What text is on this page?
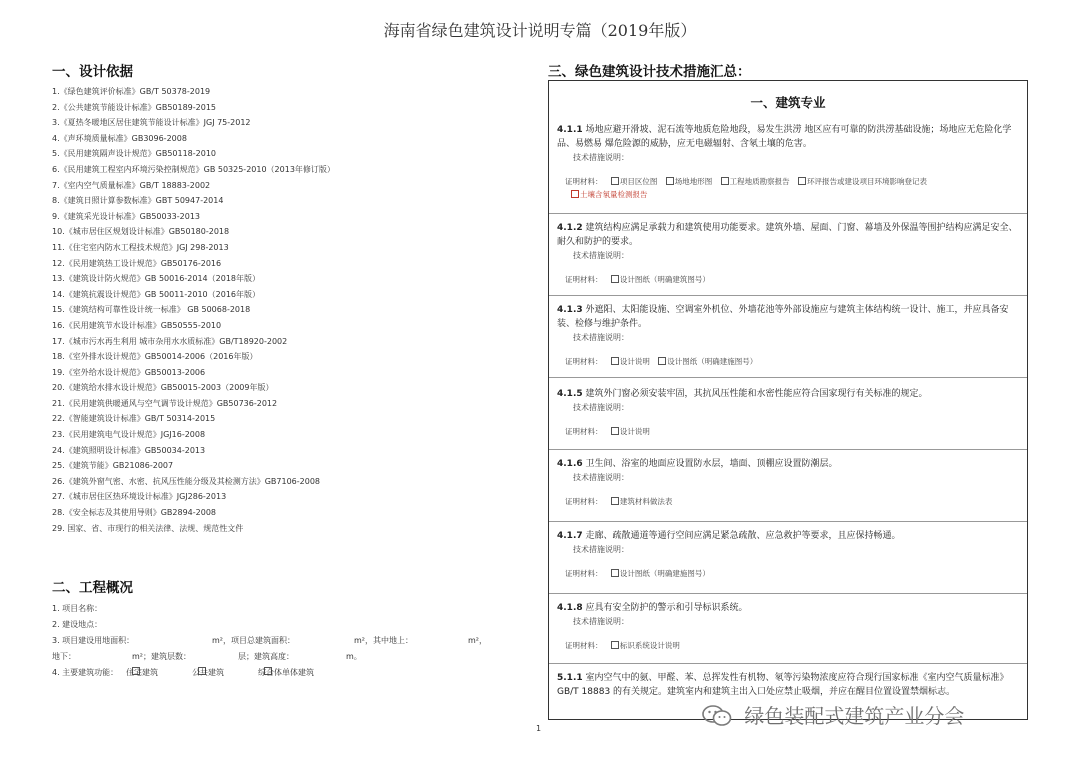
海南省绿色建筑设计说明专篇（2019年版）
一、设计依据
1.《绿色建筑评价标准》GB/T 50378-2019
2.《公共建筑节能设计标准》GB50189-2015
3.《夏热冬暖地区居住建筑节能设计标准》JGJ 75-2012
4.《声环境质量标准》GB3096-2008
5.《民用建筑隔声设计规范》GB50118-2010
6.《民用建筑工程室内环境污染控制规范》GB 50325-2010（2013年修订版）
7.《室内空气质量标准》GB/T 18883-2002
8.《建筑日照计算参数标准》GBT 50947-2014
9.《建筑采光设计标准》GB50033-2013
10.《城市居住区规划设计标准》GB50180-2018
11.《住宅室内防水工程技术规范》JGJ 298-2013
12.《民用建筑热工设计规范》GB50176-2016
13.《建筑设计防火规范》GB 50016-2014（2018年版）
14.《建筑抗震设计规范》GB 50011-2010（2016年版）
15.《建筑结构可靠性设计统一标准》 GB 50068-2018
16.《民用建筑节水设计标准》GB50555-2010
17.《城市污水再生利用 城市杂用水水质标准》GB/T18920-2002
18.《室外排水设计规范》GB50014-2006（2016年版）
19.《室外给水设计规范》GB50013-2006
20.《建筑给水排水设计规范》GB50015-2003（2009年版）
21.《民用建筑供暖通风与空气调节设计规范》GB50736-2012
22.《智能建筑设计标准》GB/T 50314-2015
23.《民用建筑电气设计规范》JGJ16-2008
24.《建筑照明设计标准》GB50034-2013
25.《建筑节能》GB21086-2007
26.《建筑外窗气密、水密、抗风压性能分级及其检测方法》GB7106-2008
27.《城市居住区热环境设计标准》JGJ286-2013
28.《安全标志及其使用导则》GB2894-2008
29. 国家、省、市现行的相关法律、法规、规范性文件
二、工程概况
1. 项目名称：
2. 建设地点：
3. 项目建设用地面积：	m²，项目总建筑面积：	m²，其中地上：	m²，
地下：	m²；建筑层数：	层；建筑高度：	m。
4. 主要建筑功能： 住宅建筑	公共建筑	综合体单体建筑
三、绿色建筑设计技术措施汇总：
一、建筑专业
4.1.1 场地应避开滑坡、泥石流等地质危险地段，易发生洪涝 地区应有可靠的防洪涝基础设施；场地应无危险化学品、易燃易 爆危险源的威胁，应无电磁辐射、含氡土壤的危害。
技术措施说明：
证明材料： 项目区位图 场地地形图 工程地质勘察报告 环评报告或建设项目环境影响登记表
土壤含氡量检测报告
4.1.2 建筑结构应满足承载力和建筑使用功能要求。建筑外墙、屋面、门窗、幕墙及外保温等围护结构应满足安全、耐久和防护的要求。
技术措施说明：
证明材料： 设计图纸（明确建筑图号）
4.1.3 外遮阳、太阳能设施、空调室外机位、外墙花池等外部设施应与建筑主体结构统一设计、施工，并应具备安装、检修与维护条件。
技术措施说明：
证明材料： 设计说明 设计图纸（明确建施图号）
4.1.5 建筑外门窗必须安装牢固，其抗风压性能和水密性能应符合国家现行有关标准的规定。
技术措施说明：
证明材料： 设计说明
4.1.6 卫生间、浴室的地面应设置防水层，墙面、顶棚应设置防潮层。
技术措施说明：
证明材料： 建筑材料做法表
4.1.7 走廊、疏散通道等通行空间应满足紧急疏散、应急救护等要求，且应保持畅通。
技术措施说明：
证明材料： 设计图纸（明确建施图号）
4.1.8 应具有安全防护的警示和引导标识系统。
技术措施说明：
证明材料： 标识系统设计说明
5.1.1 室内空气中的氨、甲醛、苯、总挥发性有机物、氡等污染物浓度应符合现行国家标准《室内空气质量标准》GB/T 18883 的有关规定。建筑室内和建筑主出入口处应禁止吸烟，并应在醒目位置设置禁烟标志。
1
绿色装配式建筑产业分会
